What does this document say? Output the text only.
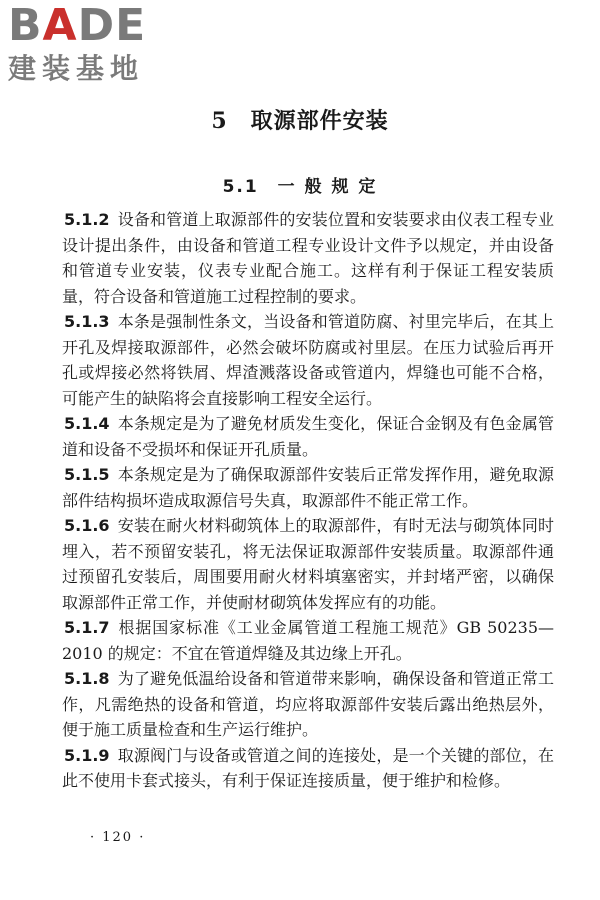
BADE
建装基地
5　取源部件安装
5.1　一 般 规 定

5.1.2 设备和管道上取源部件的安装位置和安装要求由仪表工程专业设计提出条件，由设备和管道工程专业设计文件予以规定，并由设备和管道专业安装，仪表专业配合施工。这样有利于保证工程安装质量，符合设备和管道施工过程控制的要求。

5.1.3 本条是强制性条文，当设备和管道防腐、衬里完毕后，在其上开孔及焊接取源部件，必然会破坏防腐或衬里层。在压力试验后再开孔或焊接必然将铁屑、焊渣溅落设备或管道内，焊缝也可能不合格，可能产生的缺陷将会直接影响工程安全运行。

5.1.4 本条规定是为了避免材质发生变化，保证合金钢及有色金属管道和设备不受损坏和保证开孔质量。

5.1.5 本条规定是为了确保取源部件安装后正常发挥作用，避免取源部件结构损坏造成取源信号失真，取源部件不能正常工作。

5.1.6 安装在耐火材料砌筑体上的取源部件，有时无法与砌筑体同时埋入，若不预留安装孔，将无法保证取源部件安装质量。取源部件通过预留孔安装后，周围要用耐火材料填塞密实，并封堵严密，以确保取源部件正常工作，并使耐材砌筑体发挥应有的功能。

5.1.7 根据国家标准《工业金属管道工程施工规范》GB 50235—2010 的规定：不宜在管道焊缝及其边缘上开孔。

5.1.8 为了避免低温给设备和管道带来影响，确保设备和管道正常工作，凡需绝热的设备和管道，均应将取源部件安装后露出绝热层外，便于施工质量检查和生产运行维护。

5.1.9 取源阀门与设备或管道之间的连接处，是一个关键的部位，在此不使用卡套式接头，有利于保证连接质量，便于维护和检修。

· 120 ·
